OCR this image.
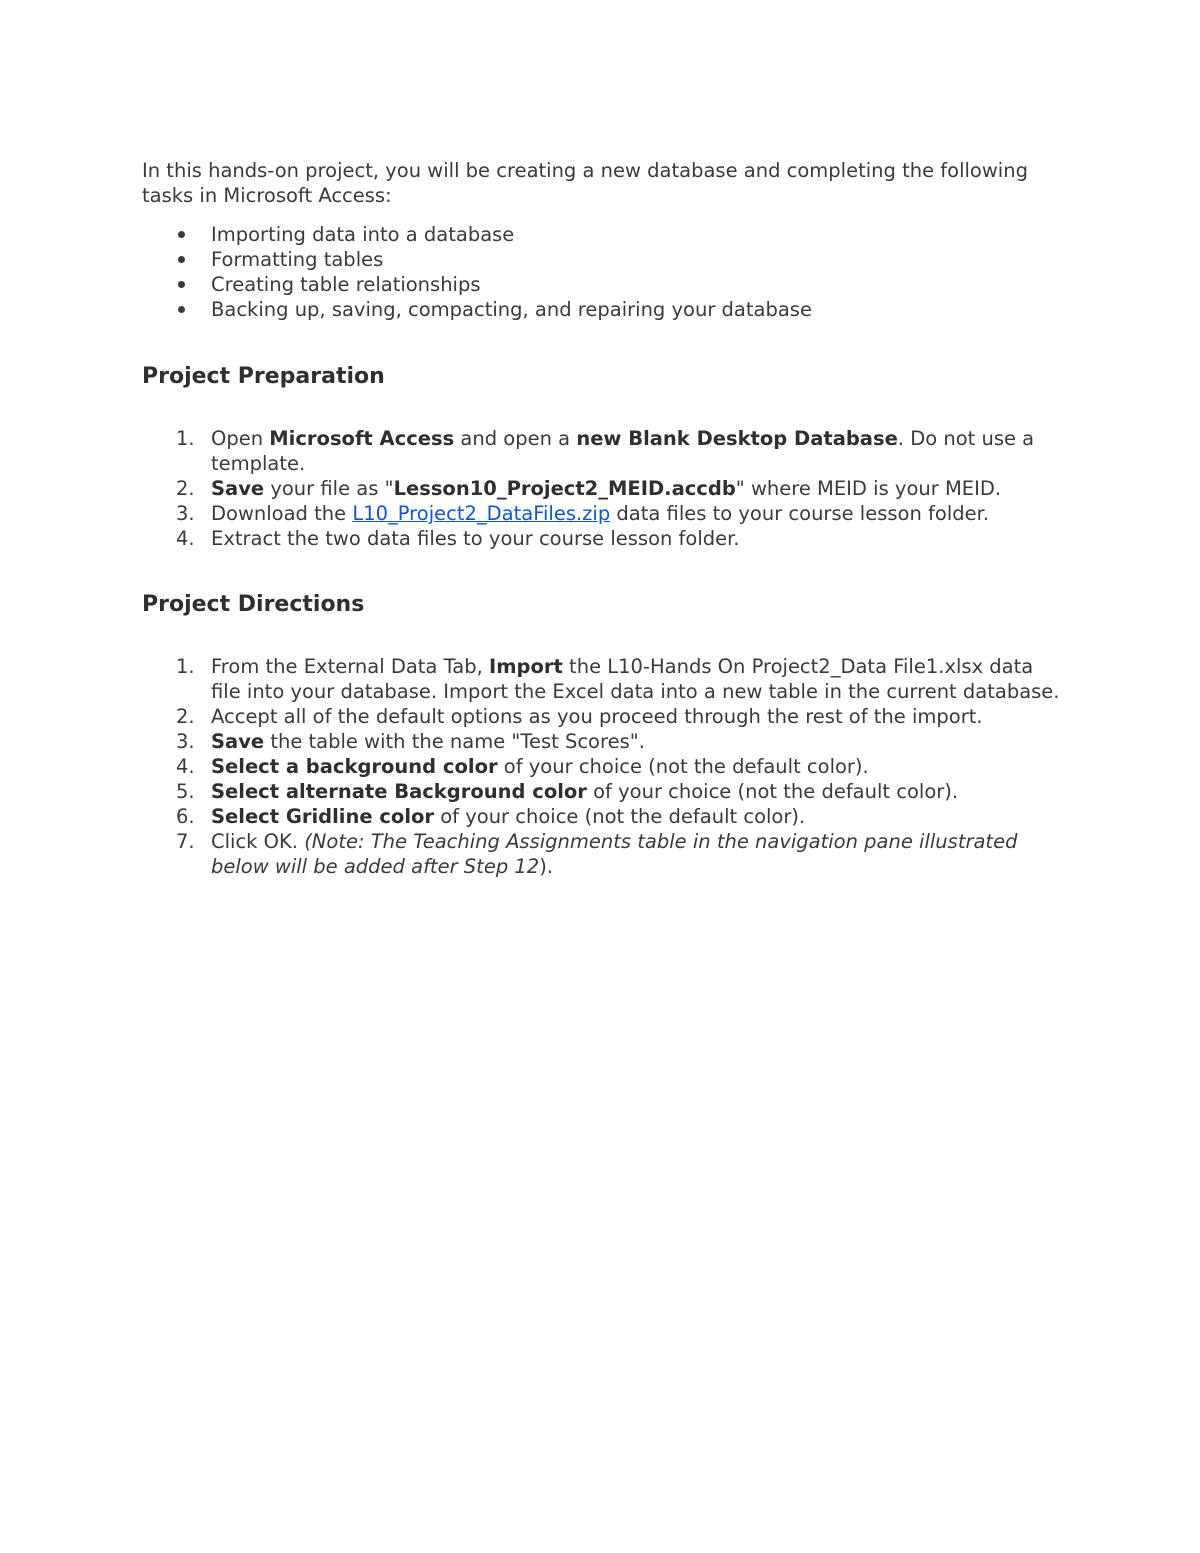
In this hands-on project, you will be creating a new database and completing the following tasks in Microsoft Access:

Importing data into a database
Formatting tables
Creating table relationships
Backing up, saving, compacting, and repairing your database
Project Preparation
1. Open Microsoft Access and open a new Blank Desktop Database. Do not use a template.
2. Save your file as "Lesson10_Project2_MEID.accdb" where MEID is your MEID.
3. Download the L10_Project2_DataFiles.zip data files to your course lesson folder.
4. Extract the two data files to your course lesson folder.
Project Directions
1. From the External Data Tab, Import the L10-Hands On Project2_Data File1.xlsx data file into your database. Import the Excel data into a new table in the current database.
2. Accept all of the default options as you proceed through the rest of the import.
3. Save the table with the name "Test Scores".
4. Select a background color of your choice (not the default color).
5. Select alternate Background color of your choice (not the default color).
6. Select Gridline color of your choice (not the default color).
7. Click OK. (Note: The Teaching Assignments table in the navigation pane illustrated below will be added after Step 12).
